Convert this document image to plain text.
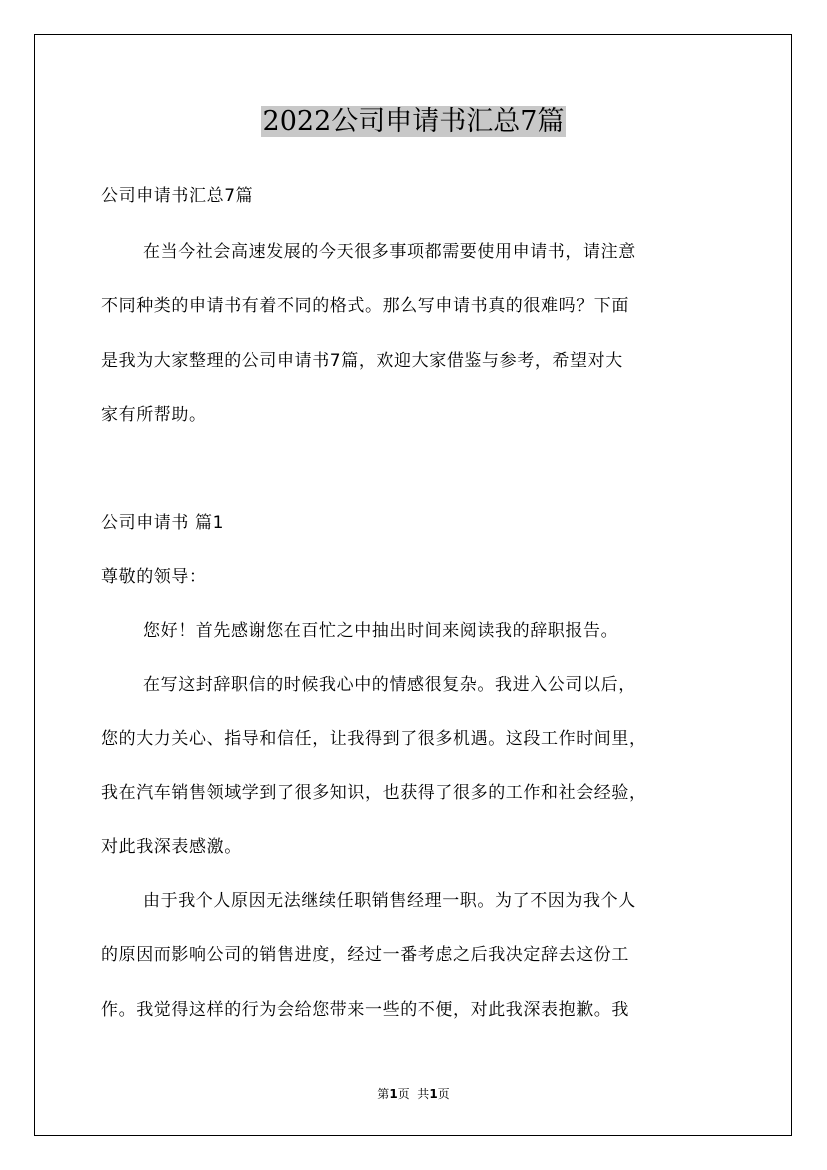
2022公司申请书汇总7篇
公司申请书汇总7篇
在当今社会高速发展的今天很多事项都需要使用申请书，请注意
不同种类的申请书有着不同的格式。那么写申请书真的很难吗？下面
是我为大家整理的公司申请书7篇，欢迎大家借鉴与参考，希望对大
家有所帮助。
公司申请书 篇1
尊敬的领导：
您好！首先感谢您在百忙之中抽出时间来阅读我的辞职报告。
在写这封辞职信的时候我心中的情感很复杂。我进入公司以后，
您的大力关心、指导和信任，让我得到了很多机遇。这段工作时间里，
我在汽车销售领域学到了很多知识，也获得了很多的工作和社会经验，
对此我深表感激。
由于我个人原因无法继续任职销售经理一职。为了不因为我个人
的原因而影响公司的销售进度，经过一番考虑之后我决定辞去这份工
作。我觉得这样的行为会给您带来一些的不便，对此我深表抱歉。我
第1页  共1页
